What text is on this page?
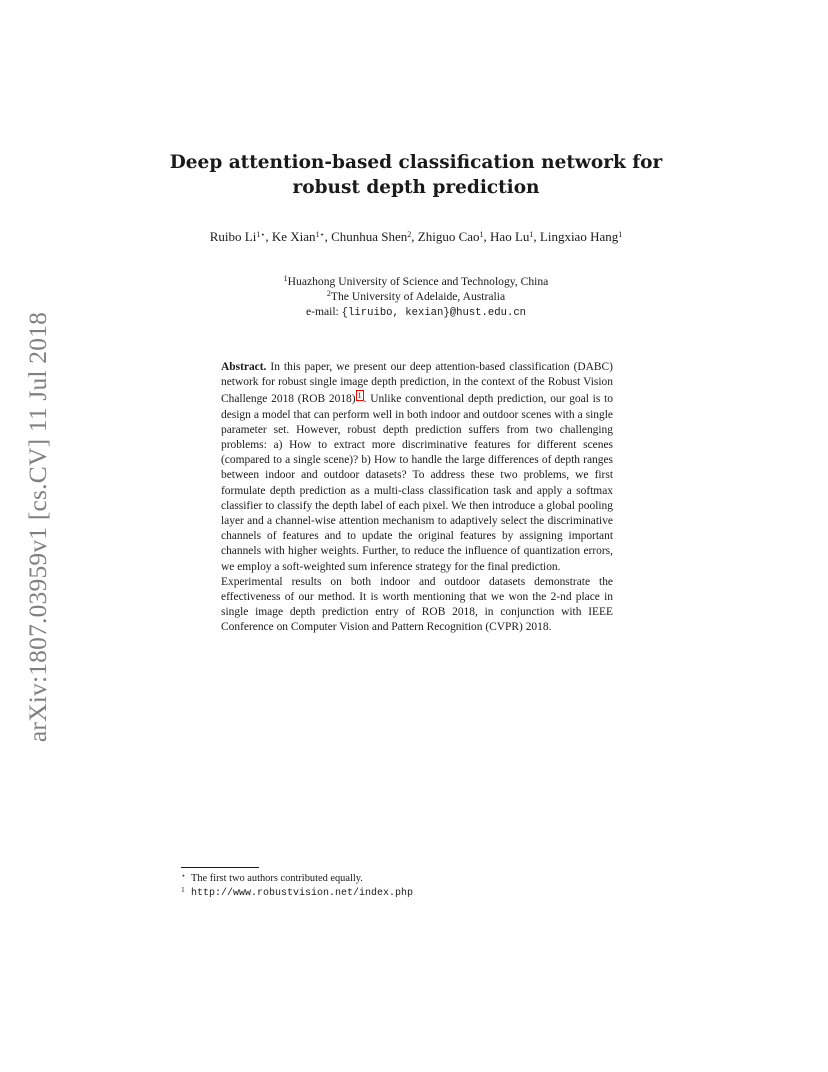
arXiv:1807.03959v1 [cs.CV] 11 Jul 2018
Deep attention-based classification network for
robust depth prediction

Ruibo $Li^{1⋆}$, Ke Xian$^{1⋆}$, Chunhua Shen$^2$, Zhiguo Cao$^1$, Hao Lu$^1$, Lingxiao Hang$^1$

$^1$Huazhong University of Science and Technology, China
$^2$The University of Adelaide, Australia
e-mail: {liruibo, kexian}@hust.edu.cn

Abstract. In this paper, we present our deep attention-based classification (DABC) network for robust single image depth prediction, in the context of the Robust Vision Challenge 2018 (ROB 2018) 1 . Unlike conventional depth prediction, our goal is to design a model that can perform well in both indoor and outdoor scenes with a single parameter set. However, robust depth prediction suffers from two challenging problems: a) How to extract more discriminative features for different scenes (compared to a single scene)? b) How to handle the large differences of depth ranges between indoor and outdoor datasets? To address these two problems, we first formulate depth prediction as a multi-class classification task and apply a softmax classifier to classify the depth label of each pixel. We then introduce a global pooling layer and a channel-wise attention mechanism to adaptively select the discriminative channels of features and to update the original features by assigning important channels with higher weights. Further, to reduce the influence of quantization errors, we employ a soft-weighted sum inference strategy for the final prediction.

Experimental results on both indoor and outdoor datasets demonstrate the effectiveness of our method. It is worth mentioning that we won the 2-nd place in single image depth prediction entry of ROB 2018, in conjunction with IEEE Conference on Computer Vision and Pattern Recognition (CVPR) 2018.

⋆ The first two authors contributed equally.
1 http://www.robustvision.net/index.php
